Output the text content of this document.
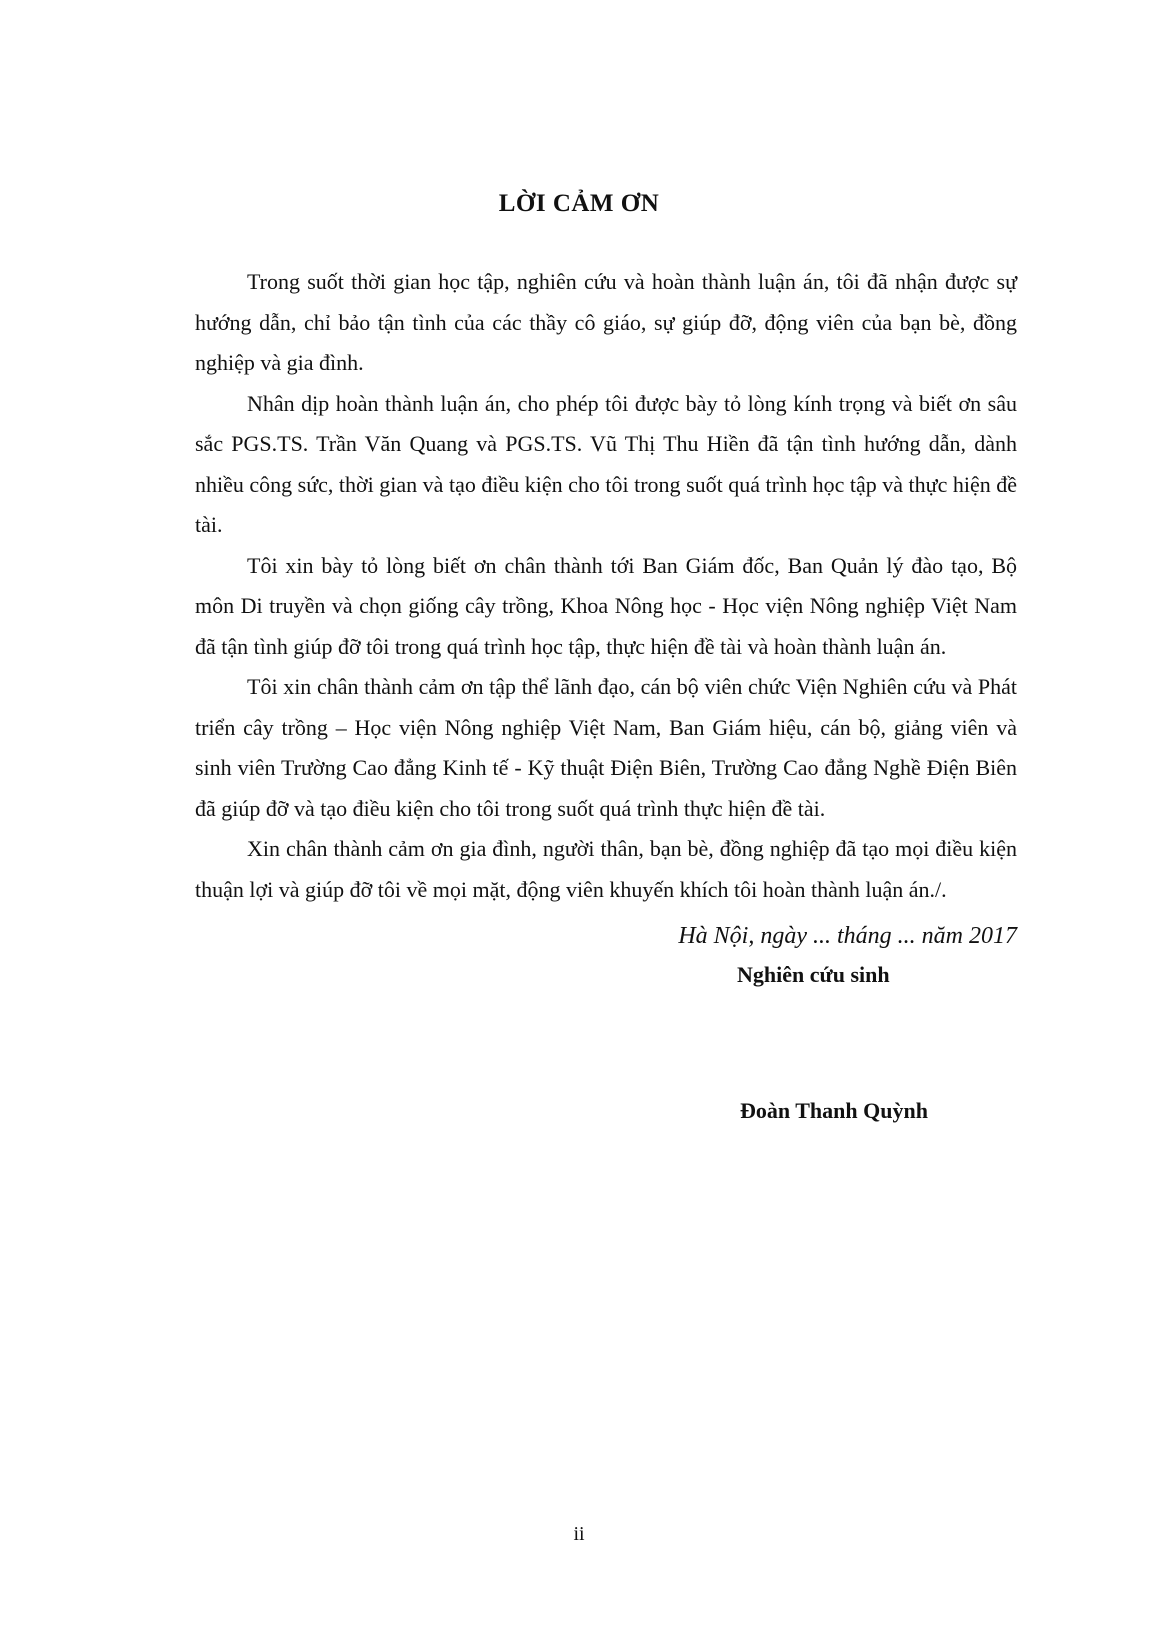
LỜI CẢM ƠN

Trong suốt thời gian học tập, nghiên cứu và hoàn thành luận án, tôi đã nhận được sự hướng dẫn, chỉ bảo tận tình của các thầy cô giáo, sự giúp đỡ, động viên của bạn bè, đồng nghiệp và gia đình.

Nhân dịp hoàn thành luận án, cho phép tôi được bày tỏ lòng kính trọng và biết ơn sâu sắc PGS.TS. Trần Văn Quang và PGS.TS. Vũ Thị Thu Hiền đã tận tình hướng dẫn, dành nhiều công sức, thời gian và tạo điều kiện cho tôi trong suốt quá trình học tập và thực hiện đề tài.

Tôi xin bày tỏ lòng biết ơn chân thành tới Ban Giám đốc, Ban Quản lý đào tạo, Bộ môn Di truyền và chọn giống cây trồng, Khoa Nông học - Học viện Nông nghiệp Việt Nam đã tận tình giúp đỡ tôi trong quá trình học tập, thực hiện đề tài và hoàn thành luận án.

Tôi xin chân thành cảm ơn tập thể lãnh đạo, cán bộ viên chức Viện Nghiên cứu và Phát triển cây trồng – Học viện Nông nghiệp Việt Nam, Ban Giám hiệu, cán bộ, giảng viên và sinh viên Trường Cao đẳng Kinh tế - Kỹ thuật Điện Biên, Trường Cao đẳng Nghề Điện Biên đã giúp đỡ và tạo điều kiện cho tôi trong suốt quá trình thực hiện đề tài.

Xin chân thành cảm ơn gia đình, người thân, bạn bè, đồng nghiệp đã tạo mọi điều kiện thuận lợi và giúp đỡ tôi về mọi mặt, động viên khuyến khích tôi hoàn thành luận án./.

Hà Nội, ngày ... tháng ... năm 2017
Nghiên cứu sinh
Đoàn Thanh Quỳnh
ii
